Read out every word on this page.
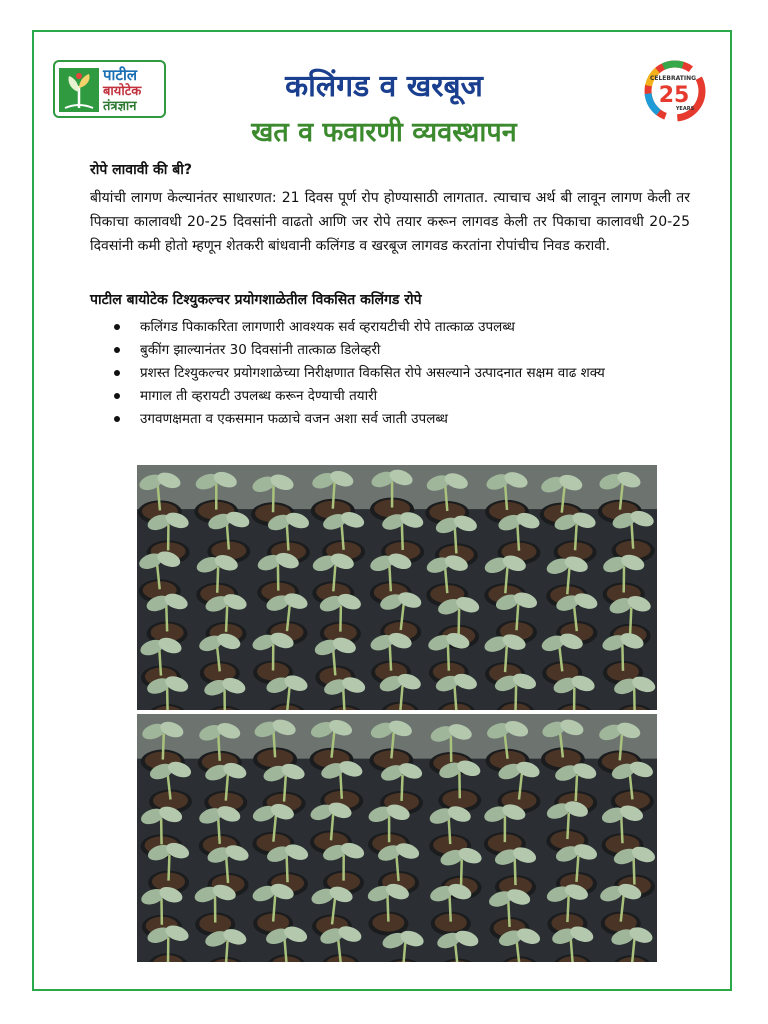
पाटील
बायोटेक
तंत्रज्ञान
CELEBRATING
25
YEARS
कलिंगड व खरबूज
खत व फवारणी व्यवस्थापन
रोपे लावावी की बी?
बीयांची लागण केल्यानंतर साधारणत: 21 दिवस पूर्ण रोप होण्यासाठी लागतात. त्याचाच अर्थ बी लावून लागण केली तर पिकाचा कालावधी 20-25 दिवसांनी वाढतो आणि जर रोपे तयार करून लागवड केली तर पिकाचा कालावधी 20-25 दिवसांनी कमी होतो म्हणून शेतकरी बांधवानी कलिंगड व खरबूज लागवड करतांना रोपांचीच निवड करावी.
पाटील बायोटेक टिश्युकल्चर प्रयोगशाळेतील विकसित कलिंगड रोपे
कलिंगड पिकाकरिता लागणारी आवश्यक सर्व व्हरायटीची रोपे तात्काळ उपलब्ध
बुकींग झाल्यानंतर 30 दिवसांनी तात्काळ डिलेव्हरी
प्रशस्त टिश्युकल्चर प्रयोगशाळेच्या निरीक्षणात विकसित रोपे असल्याने उत्पादनात सक्षम वाढ शक्य
मागाल ती व्हरायटी उपलब्ध करून देण्याची तयारी
उगवणक्षमता व एकसमान फळाचे वजन अशा सर्व जाती उपलब्ध
